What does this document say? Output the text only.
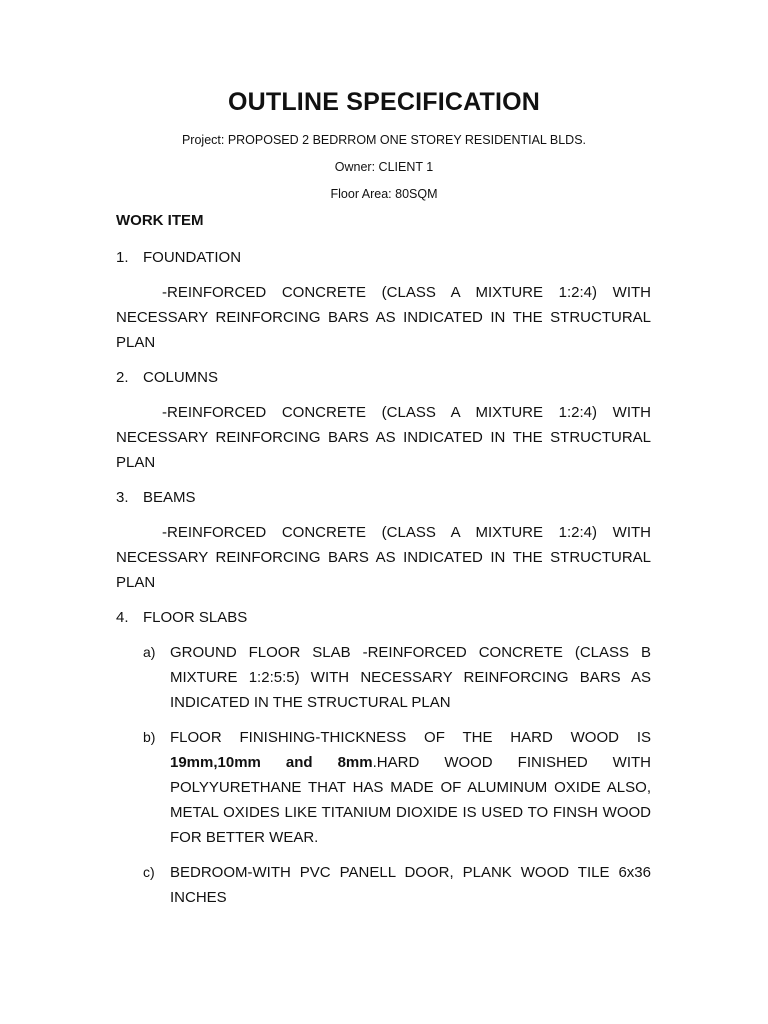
OUTLINE SPECIFICATION
Project: PROPOSED 2 BEDRROM ONE STOREY RESIDENTIAL BLDS.
Owner: CLIENT 1
Floor Area: 80SQM
WORK ITEM
1. FOUNDATION
-REINFORCED CONCRETE (CLASS A MIXTURE 1:2:4) WITH NECESSARY REINFORCING BARS AS INDICATED IN THE STRUCTURAL PLAN
2. COLUMNS
-REINFORCED CONCRETE (CLASS A MIXTURE 1:2:4) WITH NECESSARY REINFORCING BARS AS INDICATED IN THE STRUCTURAL PLAN
3. BEAMS
-REINFORCED CONCRETE (CLASS A MIXTURE 1:2:4) WITH NECESSARY REINFORCING BARS AS INDICATED IN THE STRUCTURAL PLAN
4. FLOOR SLABS
a) GROUND FLOOR SLAB -REINFORCED CONCRETE (CLASS B MIXTURE 1:2:5:5) WITH NECESSARY REINFORCING BARS AS INDICATED IN THE STRUCTURAL PLAN
b) FLOOR FINISHING-THICKNESS OF THE HARD WOOD IS 19mm,10mm and 8mm.HARD WOOD FINISHED WITH POLYYURETHANE THAT HAS MADE OF ALUMINUM OXIDE ALSO, METAL OXIDES LIKE TITANIUM DIOXIDE IS USED TO FINSH WOOD FOR BETTER WEAR.
c)	BEDROOM-WITH PVC PANELL DOOR, PLANK WOOD TILE 6x36 INCHES
